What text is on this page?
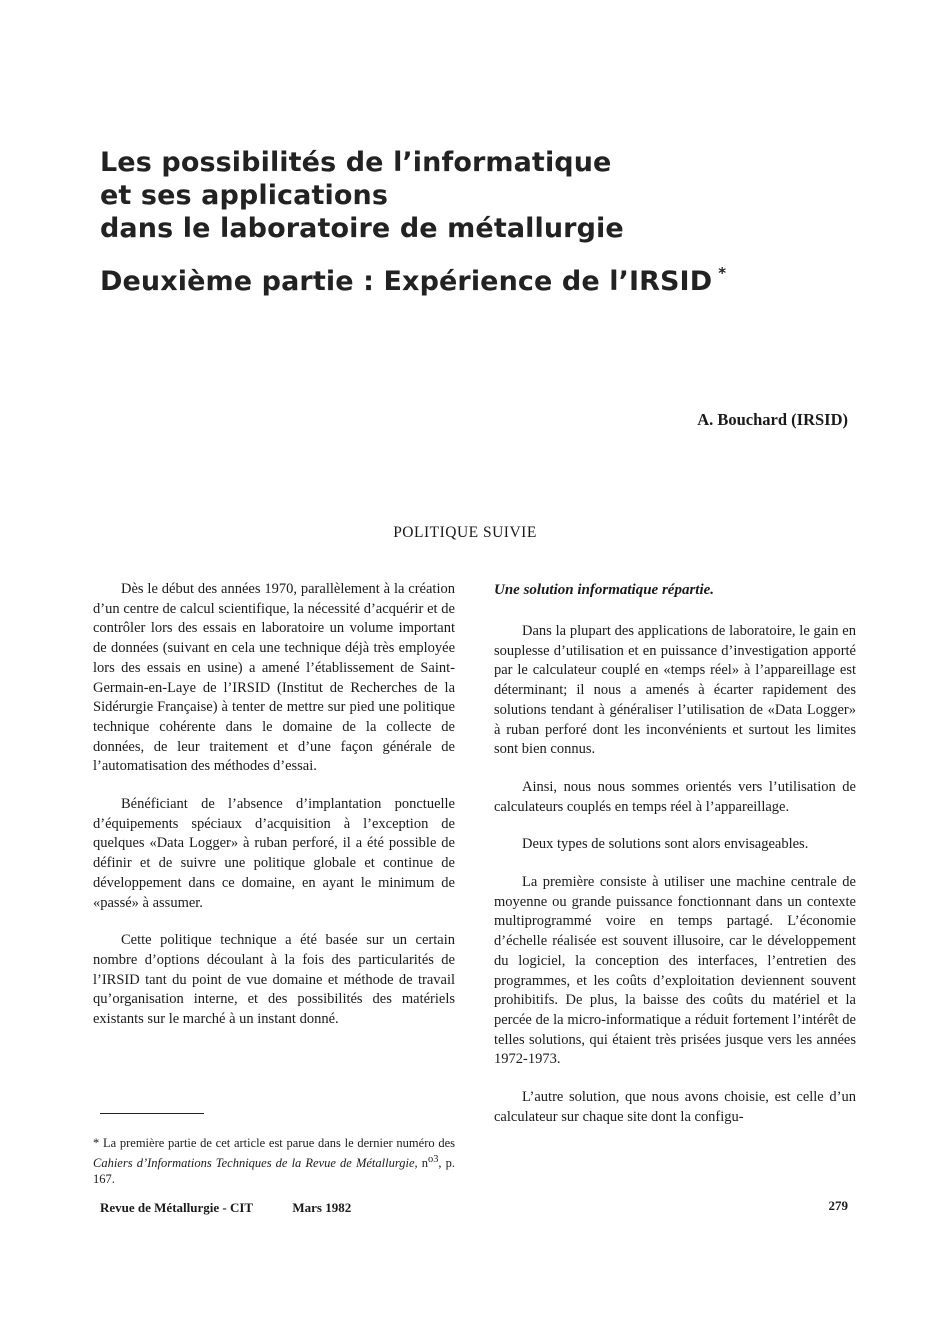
Les possibilités de l’informatique
et ses applications
dans le laboratoire de métallurgie
Deuxième partie : Expérience de l’IRSID *
A. Bouchard (IRSID)
POLITIQUE SUIVIE

Dès le début des années 1970, parallèlement à la création d’un centre de calcul scientifique, la nécessité d’acquérir et de contrôler lors des essais en laboratoire un volume important de données (suivant en cela une technique déjà très employée lors des essais en usine) a amené l’établissement de Saint-Germain-en-Laye de l’IRSID (Institut de Recherches de la Sidérurgie Française) à tenter de mettre sur pied une politique technique cohérente dans le domaine de la collecte de données, de leur traitement et d’une façon générale de l’automatisation des méthodes d’essai.

Bénéficiant de l’absence d’implantation ponctuelle d’équipements spéciaux d’acquisition à l’exception de quelques «Data Logger» à ruban perforé, il a été possible de définir et de suivre une politique globale et continue de développement dans ce domaine, en ayant le minimum de «passé» à assumer.

Cette politique technique a été basée sur un certain nombre d’options découlant à la fois des particularités de l’IRSID tant du point de vue domaine et méthode de travail qu’organisation interne, et des possibilités des matériels existants sur le marché à un instant donné.

Une solution informatique répartie.

Dans la plupart des applications de laboratoire, le gain en souplesse d’utilisation et en puissance d’investigation apporté par le calculateur couplé en «temps réel» à l’appareillage est déterminant; il nous a amenés à écarter rapidement des solutions tendant à généraliser l’utilisation de «Data Logger» à ruban perforé dont les inconvénients et surtout les limites sont bien connus.

Ainsi, nous nous sommes orientés vers l’utilisation de calculateurs couplés en temps réel à l’appareillage.

Deux types de solutions sont alors envisageables.

La première consiste à utiliser une machine centrale de moyenne ou grande puissance fonctionnant dans un contexte multiprogrammé voire en temps partagé. L’économie d’échelle réalisée est souvent illusoire, car le développement du logiciel, la conception des interfaces, l’entretien des programmes, et les coûts d’exploitation deviennent souvent prohibitifs. De plus, la baisse des coûts du matériel et la percée de la micro-informatique a réduit fortement l’intérêt de telles solutions, qui étaient très prisées jusque vers les années 1972-1973.

L’autre solution, que nous avons choisie, est celle d’un calculateur sur chaque site dont la configu-

* La première partie de cet article est parue dans le dernier numéro des Cahiers d’Informations Techniques de la Revue de Métallurgie, $n^{o3}$, p. 167.
Revue de Métallurgie - CIT	Mars 1982	279
